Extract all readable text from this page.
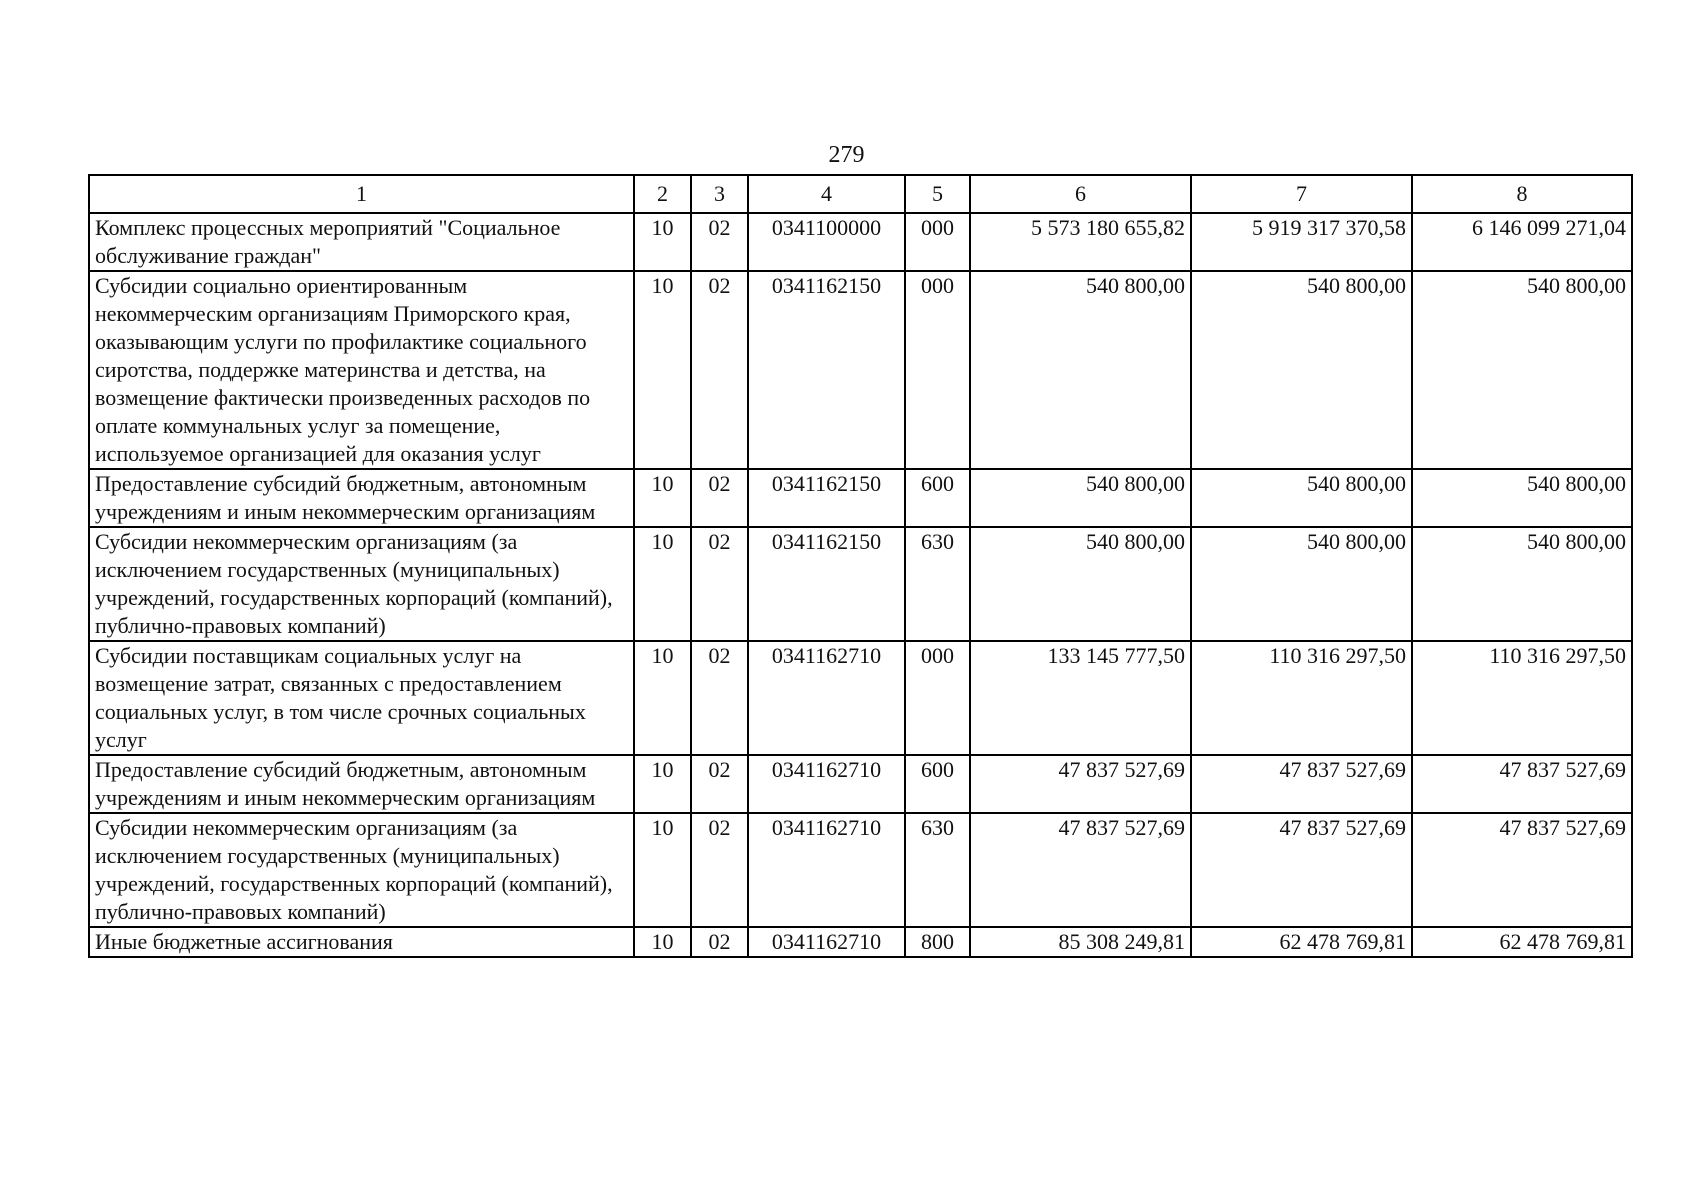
279
1	2	3	4	5	6	7	8
Комплекс процессных мероприятий "Социальное обслуживание граждан"	10	02	0341100000	000	5 573 180 655,82	5 919 317 370,58	6 146 099 271,04
Субсидии социально ориентированным некоммерческим организациям Приморского края, оказывающим услуги по профилактике социального сиротства, поддержке материнства и детства, на возмещение фактически произведенных расходов по оплате коммунальных услуг за помещение, используемое организацией для оказания услуг	10	02	0341162150	000	540 800,00	540 800,00	540 800,00
Предоставление субсидий бюджетным, автономным учреждениям и иным некоммерческим организациям	10	02	0341162150	600	540 800,00	540 800,00	540 800,00
Субсидии некоммерческим организациям (за исключением государственных (муниципальных) учреждений, государственных корпораций (компаний), публично-правовых компаний)	10	02	0341162150	630	540 800,00	540 800,00	540 800,00
Субсидии поставщикам социальных услуг на возмещение затрат, связанных с предоставлением социальных услуг, в том числе срочных социальных услуг	10	02	0341162710	000	133 145 777,50	110 316 297,50	110 316 297,50
Предоставление субсидий бюджетным, автономным учреждениям и иным некоммерческим организациям	10	02	0341162710	600	47 837 527,69	47 837 527,69	47 837 527,69
Субсидии некоммерческим организациям (за исключением государственных (муниципальных) учреждений, государственных корпораций (компаний), публично-правовых компаний)	10	02	0341162710	630	47 837 527,69	47 837 527,69	47 837 527,69
Иные бюджетные ассигнования	10	02	0341162710	800	85 308 249,81	62 478 769,81	62 478 769,81
